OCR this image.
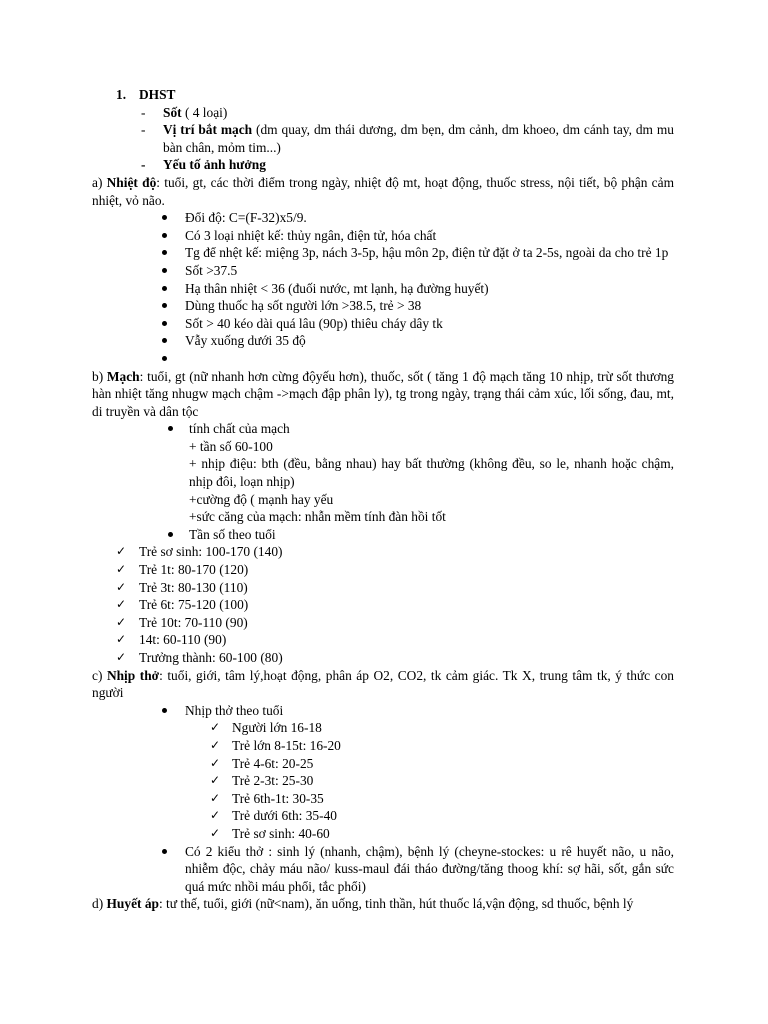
1. DHST
- Sốt ( 4 loại)
- Vị trí bắt mạch (dm quay, dm thái dương, dm bẹn, dm cảnh, dm khoeo, dm cánh tay, dm mu bàn chân, mỏm tim...)
- Yếu tố ảnh hưởng
a) Nhiệt độ: tuổi, gt, các thời điểm trong ngày, nhiệt độ mt, hoạt động, thuốc stress, nội tiết, bộ phận cảm nhiệt, vỏ não.
Đổi độ: C=(F-32)x5/9.
Có 3 loại nhiệt kế: thủy ngân, điện tử, hóa chất
Tg để nhệt kế: miệng 3p, nách 3-5p, hậu môn 2p, điện tử đặt ở ta 2-5s, ngoài da cho trẻ 1p
Sốt >37.5
Hạ thân nhiệt < 36 (đuối nước, mt lạnh, hạ đường huyết)
Dùng thuốc hạ sốt người lớn >38.5, trẻ > 38
Sốt > 40 kéo dài quá lâu (90p) thiêu cháy dây tk
Vẫy xuống dưới 35 độ

b) Mạch: tuổi, gt (nữ nhanh hơn cừng độyếu hơn), thuốc, sốt ( tăng 1 độ mạch tăng 10 nhịp, trừ sốt thương hàn nhiệt tăng nhugw mạch chậm ->mạch đập phân ly), tg trong ngày, trạng thái cảm xúc, lối sống, đau, mt, di truyền và dân tộc
tính chất của mạch
+ tần số 60-100
+ nhịp điệu: bth (đều, bằng nhau) hay bất thường (không đều, so le, nhanh hoặc chậm, nhịp đôi, loạn nhịp)
+cường độ ( mạnh hay yếu
+sức căng của mạch: nhẫn mềm tính đàn hồi tốt
Tần số theo tuổi
✓ Trẻ sơ sinh: 100-170 (140)
✓ Trẻ 1t: 80-170 (120)
✓ Trẻ 3t: 80-130 (110)
✓ Trẻ 6t: 75-120 (100)
✓ Trẻ 10t: 70-110 (90)
✓ 14t: 60-110 (90)
✓ Trưởng thành: 60-100 (80)
c) Nhịp thở: tuổi, giới, tâm lý,hoạt động, phân áp O2, CO2, tk cảm giác. Tk X, trung tâm tk, ý thức con người
Nhịp thở theo tuổi
✓ Người lớn 16-18
✓ Trẻ lớn 8-15t: 16-20
✓ Trẻ 4-6t: 20-25
✓ Trẻ 2-3t: 25-30
✓ Trẻ 6th-1t: 30-35
✓ Trẻ dưới 6th: 35-40
✓ Trẻ sơ sinh: 40-60
Có 2 kiểu thở : sinh lý (nhanh, chậm), bệnh lý (cheyne-stockes: u rê huyết não, u não, nhiễm độc, chảy máu não/ kuss-maul đái tháo đường/tăng thoog khí: sợ hãi, sốt, gắn sức quá mức nhồi máu phổi, tắc phổi)
d) Huyết áp: tư thế, tuổi, giới (nữ<nam), ăn uống, tinh thần, hút thuốc lá,vận động, sd thuốc, bệnh lý
